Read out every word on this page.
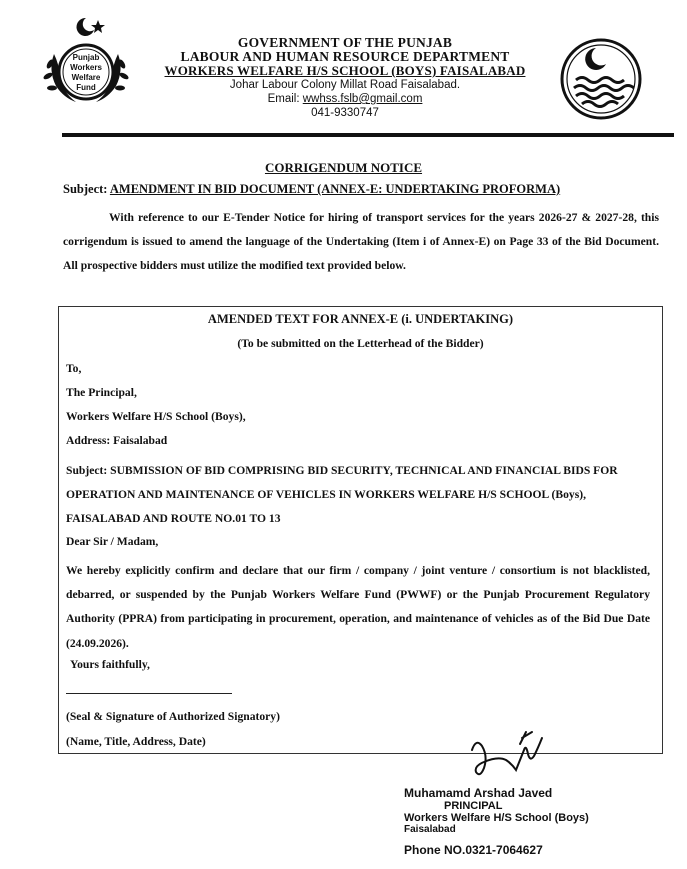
Punjab
Workers
Welfare
Fund
GOVERNMENT OF THE PUNJAB
LABOUR AND HUMAN RESOURCE DEPARTMENT
WORKERS WELFARE H/S SCHOOL (BOYS) FAISALABAD
Johar Labour Colony Millat Road Faisalabad.
Email: wwhss.fslb@gmail.com
041-9330747
CORRIGENDUM NOTICE
Subject: AMENDMENT IN BID DOCUMENT (ANNEX-E: UNDERTAKING PROFORMA)
With reference to our E-Tender Notice for hiring of transport services for the years 2026-27 & 2027-28, this corrigendum is issued to amend the language of the Undertaking (Item i of Annex-E) on Page 33 of the Bid Document. All prospective bidders must utilize the modified text provided below.
AMENDED TEXT FOR ANNEX-E (i. UNDERTAKING)
(To be submitted on the Letterhead of the Bidder)
To,
The Principal,
Workers Welfare H/S School (Boys),
Address: Faisalabad
Subject: SUBMISSION OF BID COMPRISING BID SECURITY, TECHNICAL AND FINANCIAL BIDS FOR OPERATION AND MAINTENANCE OF VEHICLES IN WORKERS WELFARE H/S SCHOOL (Boys), FAISALABAD AND ROUTE NO.01 TO 13
Dear Sir / Madam,
We hereby explicitly confirm and declare that our firm / company / joint venture / consortium is not blacklisted, debarred, or suspended by the Punjab Workers Welfare Fund (PWWF) or the Punjab Procurement Regulatory Authority (PPRA) from participating in procurement, operation, and maintenance of vehicles as of the Bid Due Date (24.09.2026).
Yours faithfully,
(Seal & Signature of Authorized Signatory)
(Name, Title, Address, Date)
Muhamamd Arshad Javed
PRINCIPAL
Workers Welfare H/S School (Boys)
Faisalabad
Phone NO.0321-7064627
